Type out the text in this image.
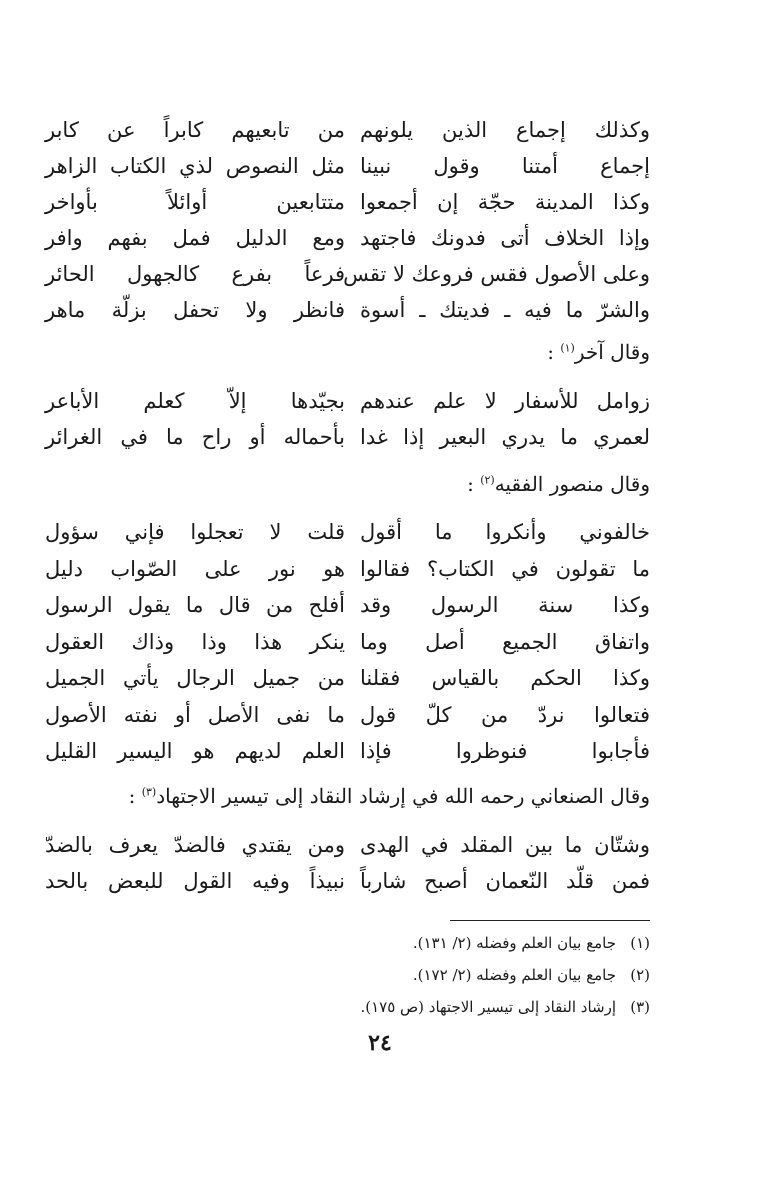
وكذلك إجماع الذين يلونهم
من تابعيهم كابراً عن كابر
إجماع أمتنا وقول نبينا
مثل النصوص لذي الكتاب الزاهر
وكذا المدينة حجّة إن أجمعوا
متتابعين أوائلاً بأواخر
وإذا الخلاف أتى فدونك فاجتهد
ومع الدليل فمل بفهم وافر
وعلى الأصول فقس فروعك لا تقس
فرعاً بفرع كالجهول الحائر
والشرّ ما فيه ـ فديتك ـ أسوة
فانظر ولا تحفل بزلّة ماهر
وقال آخر$^{(١)}$ :
زوامل للأسفار لا علم عندهم
بجيّدها إلاّ كعلم الأباعر
لعمري ما يدري البعير إذا غدا
بأحماله أو راح ما في الغرائر
وقال منصور الفقيه$^{(٢)}$ :
خالفوني وأنكروا ما أقول
قلت لا تعجلوا فإني سؤول
ما تقولون في الكتاب؟ فقالوا
هو نور على الصّواب دليل
وكذا سنة الرسول وقد
أفلح من قال ما يقول الرسول
واتفاق الجميع أصل وما
ينكر هذا وذا وذاك العقول
وكذا الحكم بالقياس فقلنا
من جميل الرجال يأتي الجميل
فتعالوا نردّ من كلّ قول
ما نفى الأصل أو نفته الأصول
فأجابوا فنوظروا فإذا
العلم لديهم هو اليسير القليل
وقال الصنعاني رحمه الله في إرشاد النقاد إلى تيسير الاجتهاد$^{(٣)}$ :
وشتّان ما بين المقلد في الهدى
ومن يقتدي فالضدّ يعرف بالضدّ
فمن قلّد النّعمان أصبح شارباً
نبيذاً وفيه القول للبعض بالحد
(١)جامع بيان العلم وفضله (٢/ ١٣١).
(٢)جامع بيان العلم وفضله (٢/ ١٧٢).
(٣)إرشاد النقاد إلى تيسير الاجتهاد (ص ١٧٥).
٢٤
